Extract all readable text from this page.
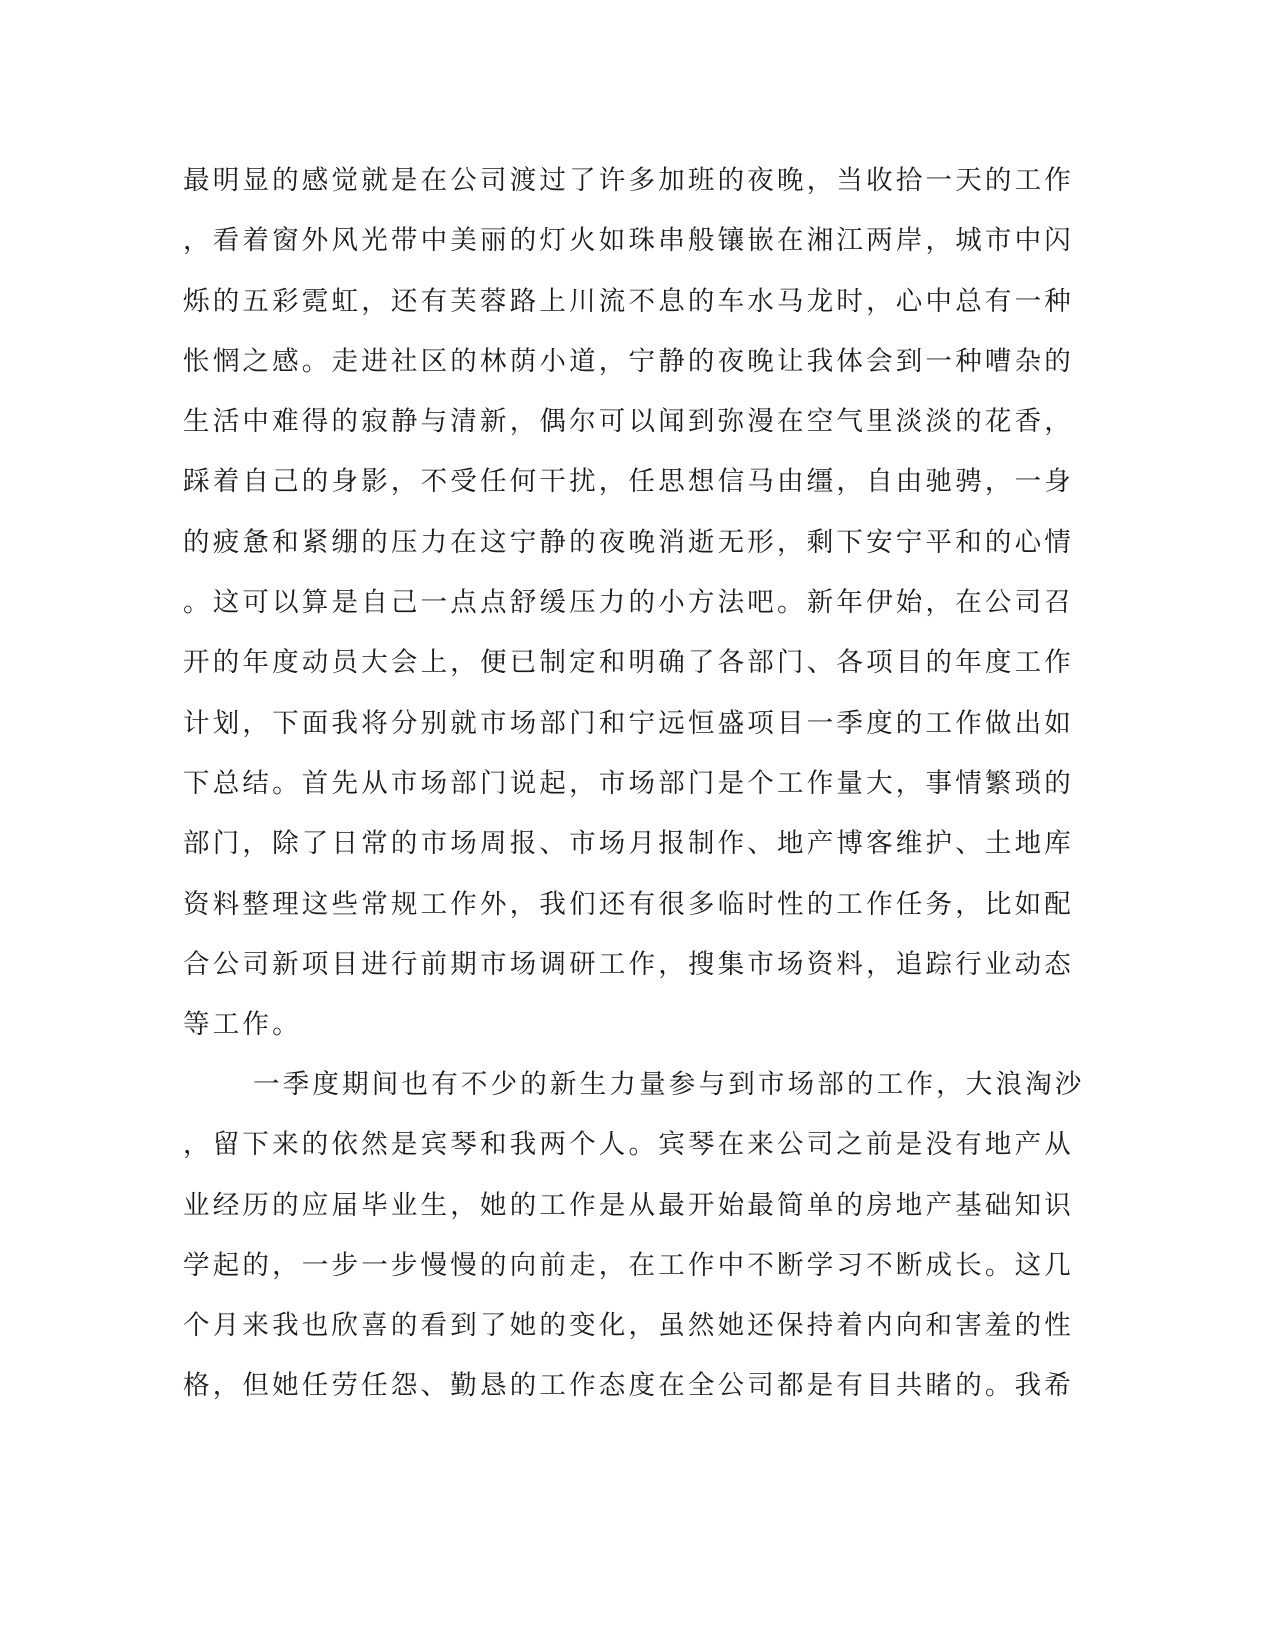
最明显的感觉就是在公司渡过了许多加班的夜晚，当收拾一天的工作
，看着窗外风光带中美丽的灯火如珠串般镶嵌在湘江两岸，城市中闪
烁的五彩霓虹，还有芙蓉路上川流不息的车水马龙时，心中总有一种
怅惘之感。走进社区的林荫小道，宁静的夜晚让我体会到一种嘈杂的
生活中难得的寂静与清新，偶尔可以闻到弥漫在空气里淡淡的花香，
踩着自己的身影，不受任何干扰，任思想信马由缰，自由驰骋，一身
的疲惫和紧绷的压力在这宁静的夜晚消逝无形，剩下安宁平和的心情
。这可以算是自己一点点舒缓压力的小方法吧。新年伊始，在公司召
开的年度动员大会上，便已制定和明确了各部门、各项目的年度工作
计划，下面我将分别就市场部门和宁远恒盛项目一季度的工作做出如
下总结。首先从市场部门说起，市场部门是个工作量大，事情繁琐的
部门，除了日常的市场周报、市场月报制作、地产博客维护、土地库
资料整理这些常规工作外，我们还有很多临时性的工作任务，比如配
合公司新项目进行前期市场调研工作，搜集市场资料，追踪行业动态
等工作。
一季度期间也有不少的新生力量参与到市场部的工作，大浪淘沙
，留下来的依然是宾琴和我两个人。宾琴在来公司之前是没有地产从
业经历的应届毕业生，她的工作是从最开始最简单的房地产基础知识
学起的，一步一步慢慢的向前走，在工作中不断学习不断成长。这几
个月来我也欣喜的看到了她的变化，虽然她还保持着内向和害羞的性
格，但她任劳任怨、勤恳的工作态度在全公司都是有目共睹的。我希
